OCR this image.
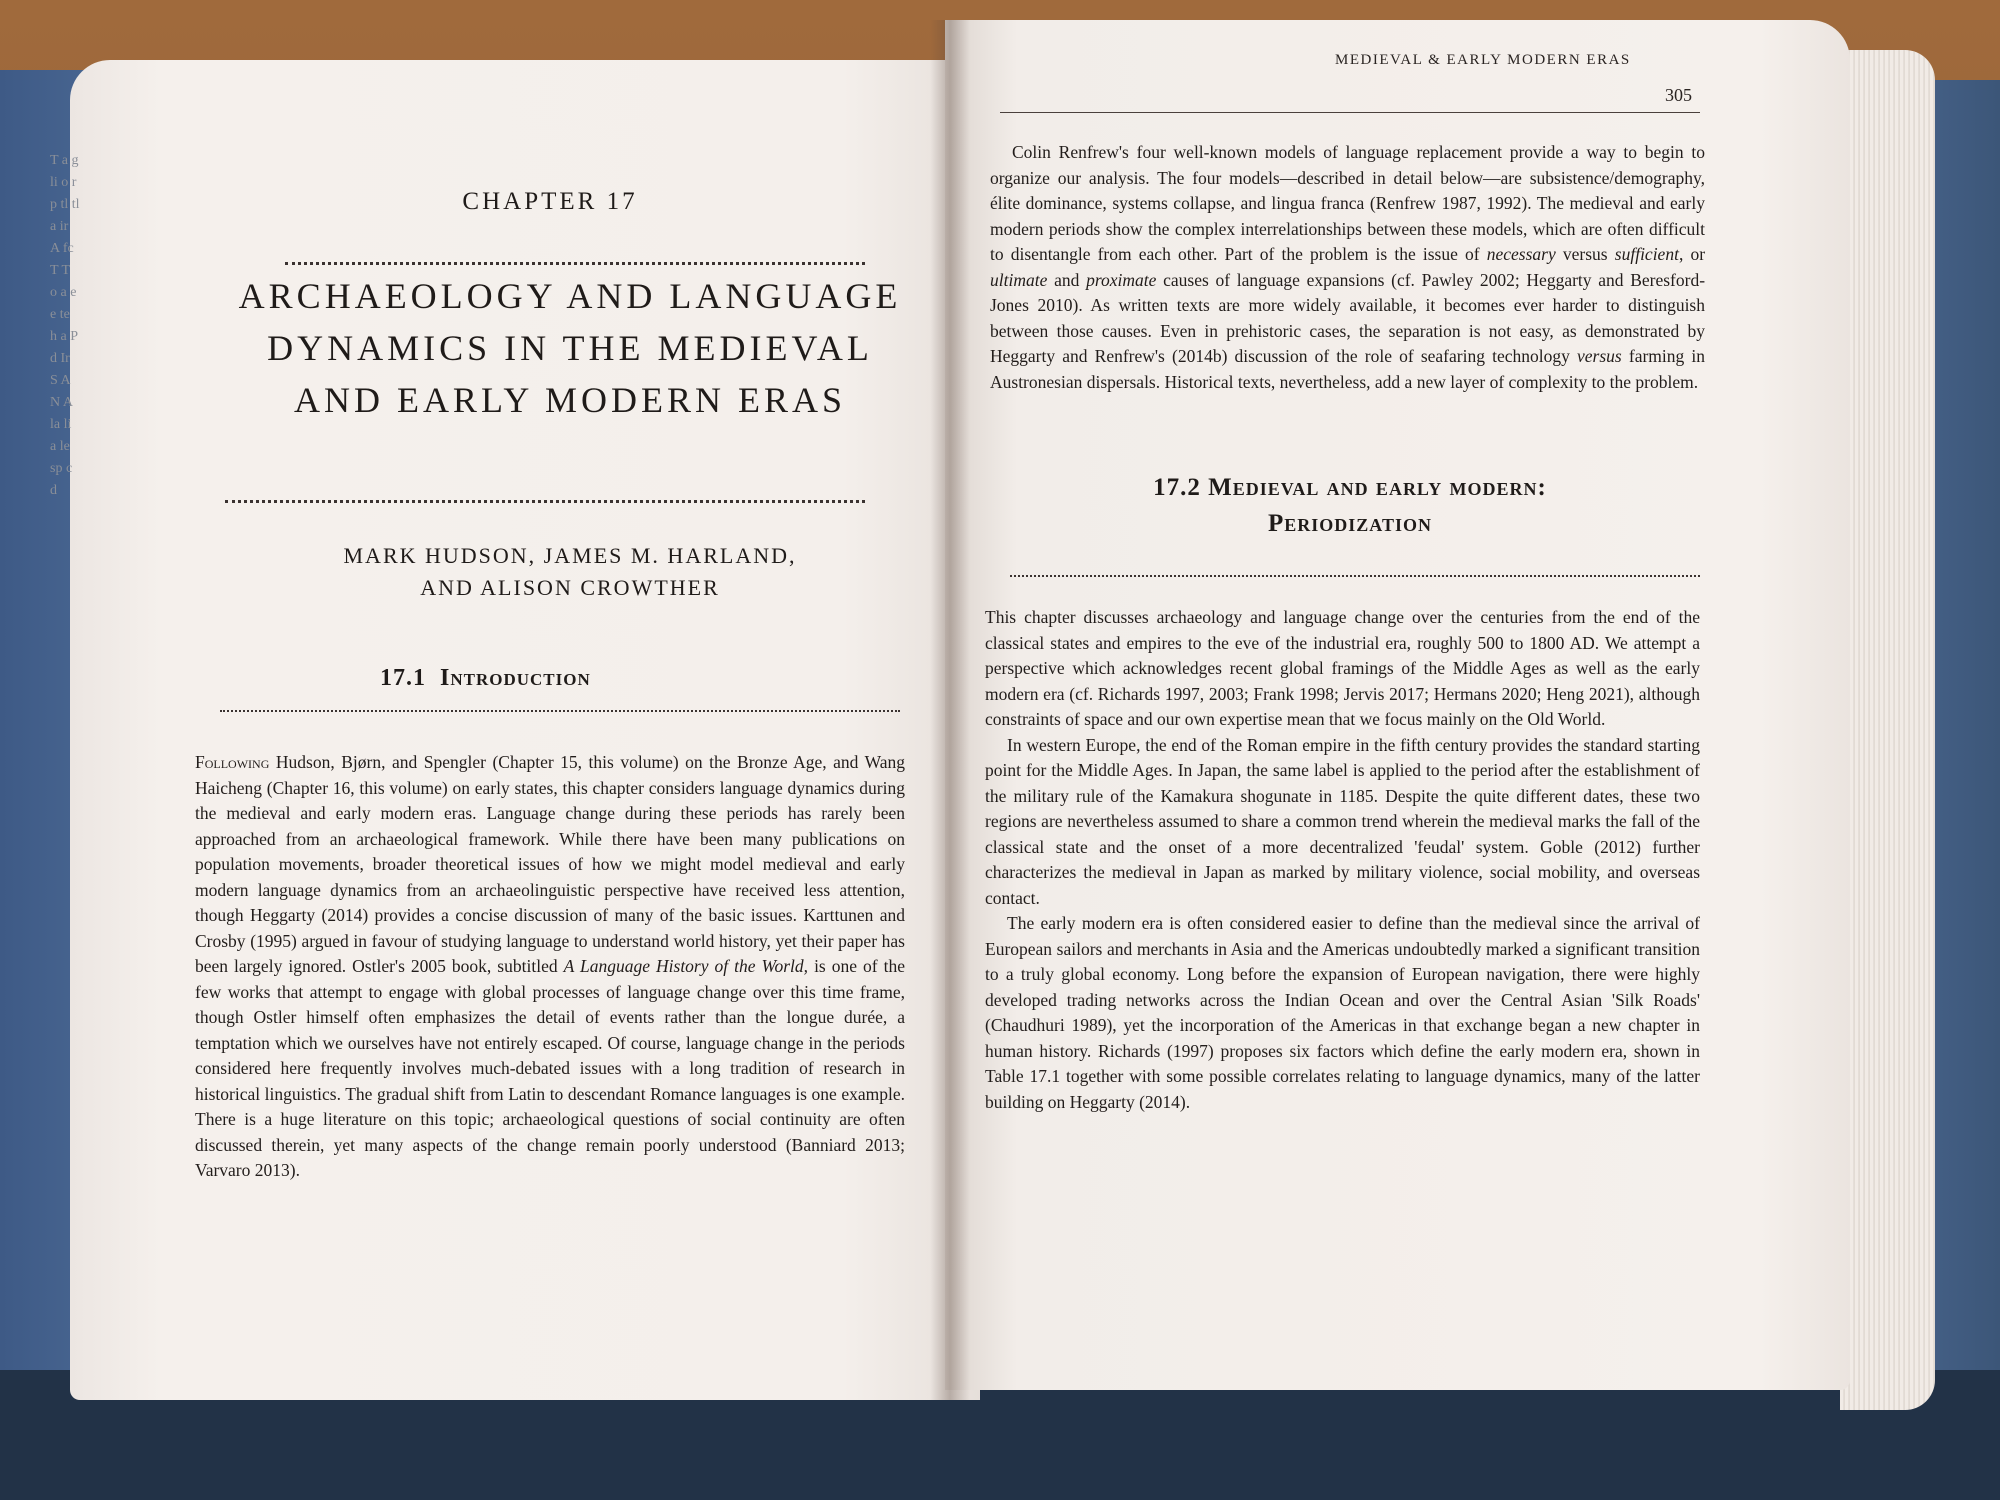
T a g li o r p tl tl a ir A fc T T o a e e te h a P d Ir S A N A la li a le sp c d
CHAPTER 17
ARCHAEOLOGY AND LANGUAGE DYNAMICS IN THE MEDIEVAL AND EARLY MODERN ERAS
MARK HUDSON, JAMES M. HARLAND,
AND ALISON CROWTHER
17.1 Introduction
Following Hudson, Bjørn, and Spengler (Chapter 15, this volume) on the Bronze Age, and Wang Haicheng (Chapter 16, this volume) on early states, this chapter considers language dynamics during the medieval and early modern eras. Language change during these periods has rarely been approached from an archaeological framework. While there have been many publications on population movements, broader theoretical issues of how we might model medieval and early modern language dynamics from an archaeolinguistic perspective have received less attention, though Heggarty (2014) provides a concise discussion of many of the basic issues. Karttunen and Crosby (1995) argued in favour of studying language to understand world history, yet their paper has been largely ignored. Ostler's 2005 book, subtitled A Language History of the World, is one of the few works that attempt to engage with global processes of language change over this time frame, though Ostler himself often emphasizes the detail of events rather than the longue durée, a temptation which we ourselves have not entirely escaped. Of course, language change in the periods considered here frequently involves much-debated issues with a long tradition of research in historical linguistics. The gradual shift from Latin to descendant Romance languages is one example. There is a huge literature on this topic; archaeological questions of social continuity are often discussed therein, yet many aspects of the change remain poorly understood (Banniard 2013; Varvaro 2013).
MEDIEVAL & EARLY MODERN ERAS
305
Colin Renfrew's four well-known models of language replacement provide a way to begin to organize our analysis. The four models—described in detail below—are subsistence/demography, élite dominance, systems collapse, and lingua franca (Renfrew 1987, 1992). The medieval and early modern periods show the complex interrelationships between these models, which are often difficult to disentangle from each other. Part of the problem is the issue of necessary versus sufficient, or ultimate and proximate causes of language expansions (cf. Pawley 2002; Heggarty and Beresford-Jones 2010). As written texts are more widely available, it becomes ever harder to distinguish between those causes. Even in prehistoric cases, the separation is not easy, as demonstrated by Heggarty and Renfrew's (2014b) discussion of the role of seafaring technology versus farming in Austronesian dispersals. Historical texts, nevertheless, add a new layer of complexity to the problem.
17.2 Medieval and early modern:
Periodization
This chapter discusses archaeology and language change over the centuries from the end of the classical states and empires to the eve of the industrial era, roughly 500 to 1800 AD. We attempt a perspective which acknowledges recent global framings of the Middle Ages as well as the early modern era (cf. Richards 1997, 2003; Frank 1998; Jervis 2017; Hermans 2020; Heng 2021), although constraints of space and our own expertise mean that we focus mainly on the Old World.
In western Europe, the end of the Roman empire in the fifth century provides the standard starting point for the Middle Ages. In Japan, the same label is applied to the period after the establishment of the military rule of the Kamakura shogunate in 1185. Despite the quite different dates, these two regions are nevertheless assumed to share a common trend wherein the medieval marks the fall of the classical state and the onset of a more decentralized 'feudal' system. Goble (2012) further characterizes the medieval in Japan as marked by military violence, social mobility, and overseas contact.
The early modern era is often considered easier to define than the medieval since the arrival of European sailors and merchants in Asia and the Americas undoubtedly marked a significant transition to a truly global economy. Long before the expansion of European navigation, there were highly developed trading networks across the Indian Ocean and over the Central Asian 'Silk Roads' (Chaudhuri 1989), yet the incorporation of the Americas in that exchange began a new chapter in human history. Richards (1997) proposes six factors which define the early modern era, shown in Table 17.1 together with some possible correlates relating to language dynamics, many of the latter building on Heggarty (2014).
